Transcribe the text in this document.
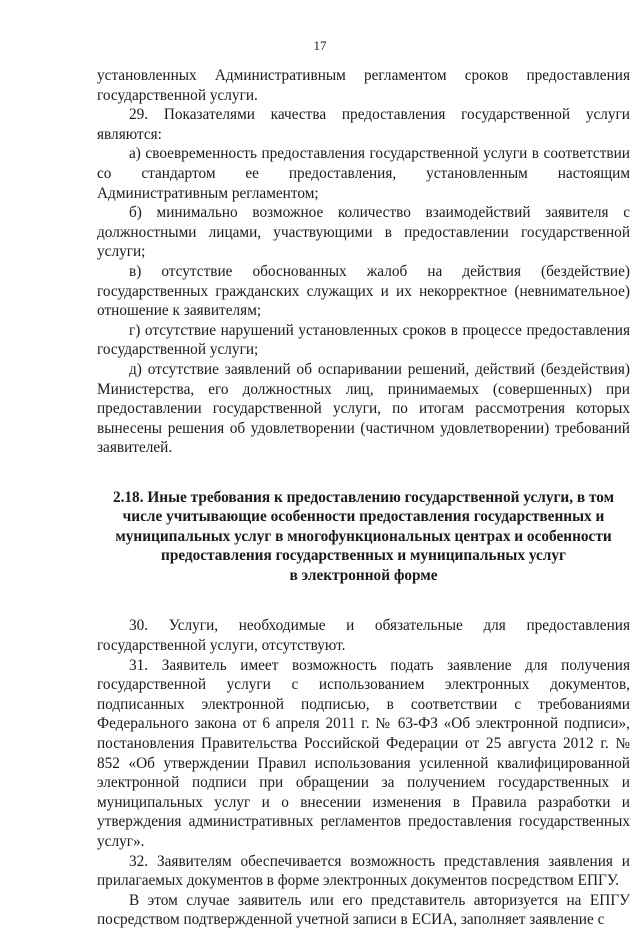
17

установленных Административным регламентом сроков предоставления государственной услуги.

29. Показателями качества предоставления государственной услуги являются:

а) своевременность предоставления государственной услуги в соответствии со стандартом ее предоставления, установленным настоящим Административным регламентом;

б) минимально возможное количество взаимодействий заявителя с должностными лицами, участвующими в предоставлении государственной услуги;

в) отсутствие обоснованных жалоб на действия (бездействие) государственных гражданских служащих и их некорректное (невнимательное) отношение к заявителям;

г) отсутствие нарушений установленных сроков в процессе предоставления государственной услуги;

д) отсутствие заявлений об оспаривании решений, действий (бездействия) Министерства, его должностных лиц, принимаемых (совершенных) при предоставлении государственной услуги, по итогам рассмотрения которых вынесены решения об удовлетворении (частичном удовлетворении) требований заявителей.

2.18. Иные требования к предоставлению государственной услуги, в том
числе учитывающие особенности предоставления государственных и
муниципальных услуг в многофункциональных центрах и особенности
предоставления государственных и муниципальных услуг
в электронной форме

30. Услуги, необходимые и обязательные для предоставления государственной услуги, отсутствуют.

31. Заявитель имеет возможность подать заявление для получения государственной услуги с использованием электронных документов, подписанных электронной подписью, в соответствии с требованиями Федерального закона от 6 апреля 2011 г. № 63-ФЗ «Об электронной подписи», постановления Правительства Российской Федерации от 25 августа 2012 г. № 852 «Об утверждении Правил использования усиленной квалифицированной электронной подписи при обращении за получением государственных и муниципальных услуг и о внесении изменения в Правила разработки и утверждения административных регламентов предоставления государственных услуг».

32. Заявителям обеспечивается возможность представления заявления и прилагаемых документов в форме электронных документов посредством ЕПГУ.

В этом случае заявитель или его представитель авторизуется на ЕПГУ посредством подтвержденной учетной записи в ЕСИА, заполняет заявление с
